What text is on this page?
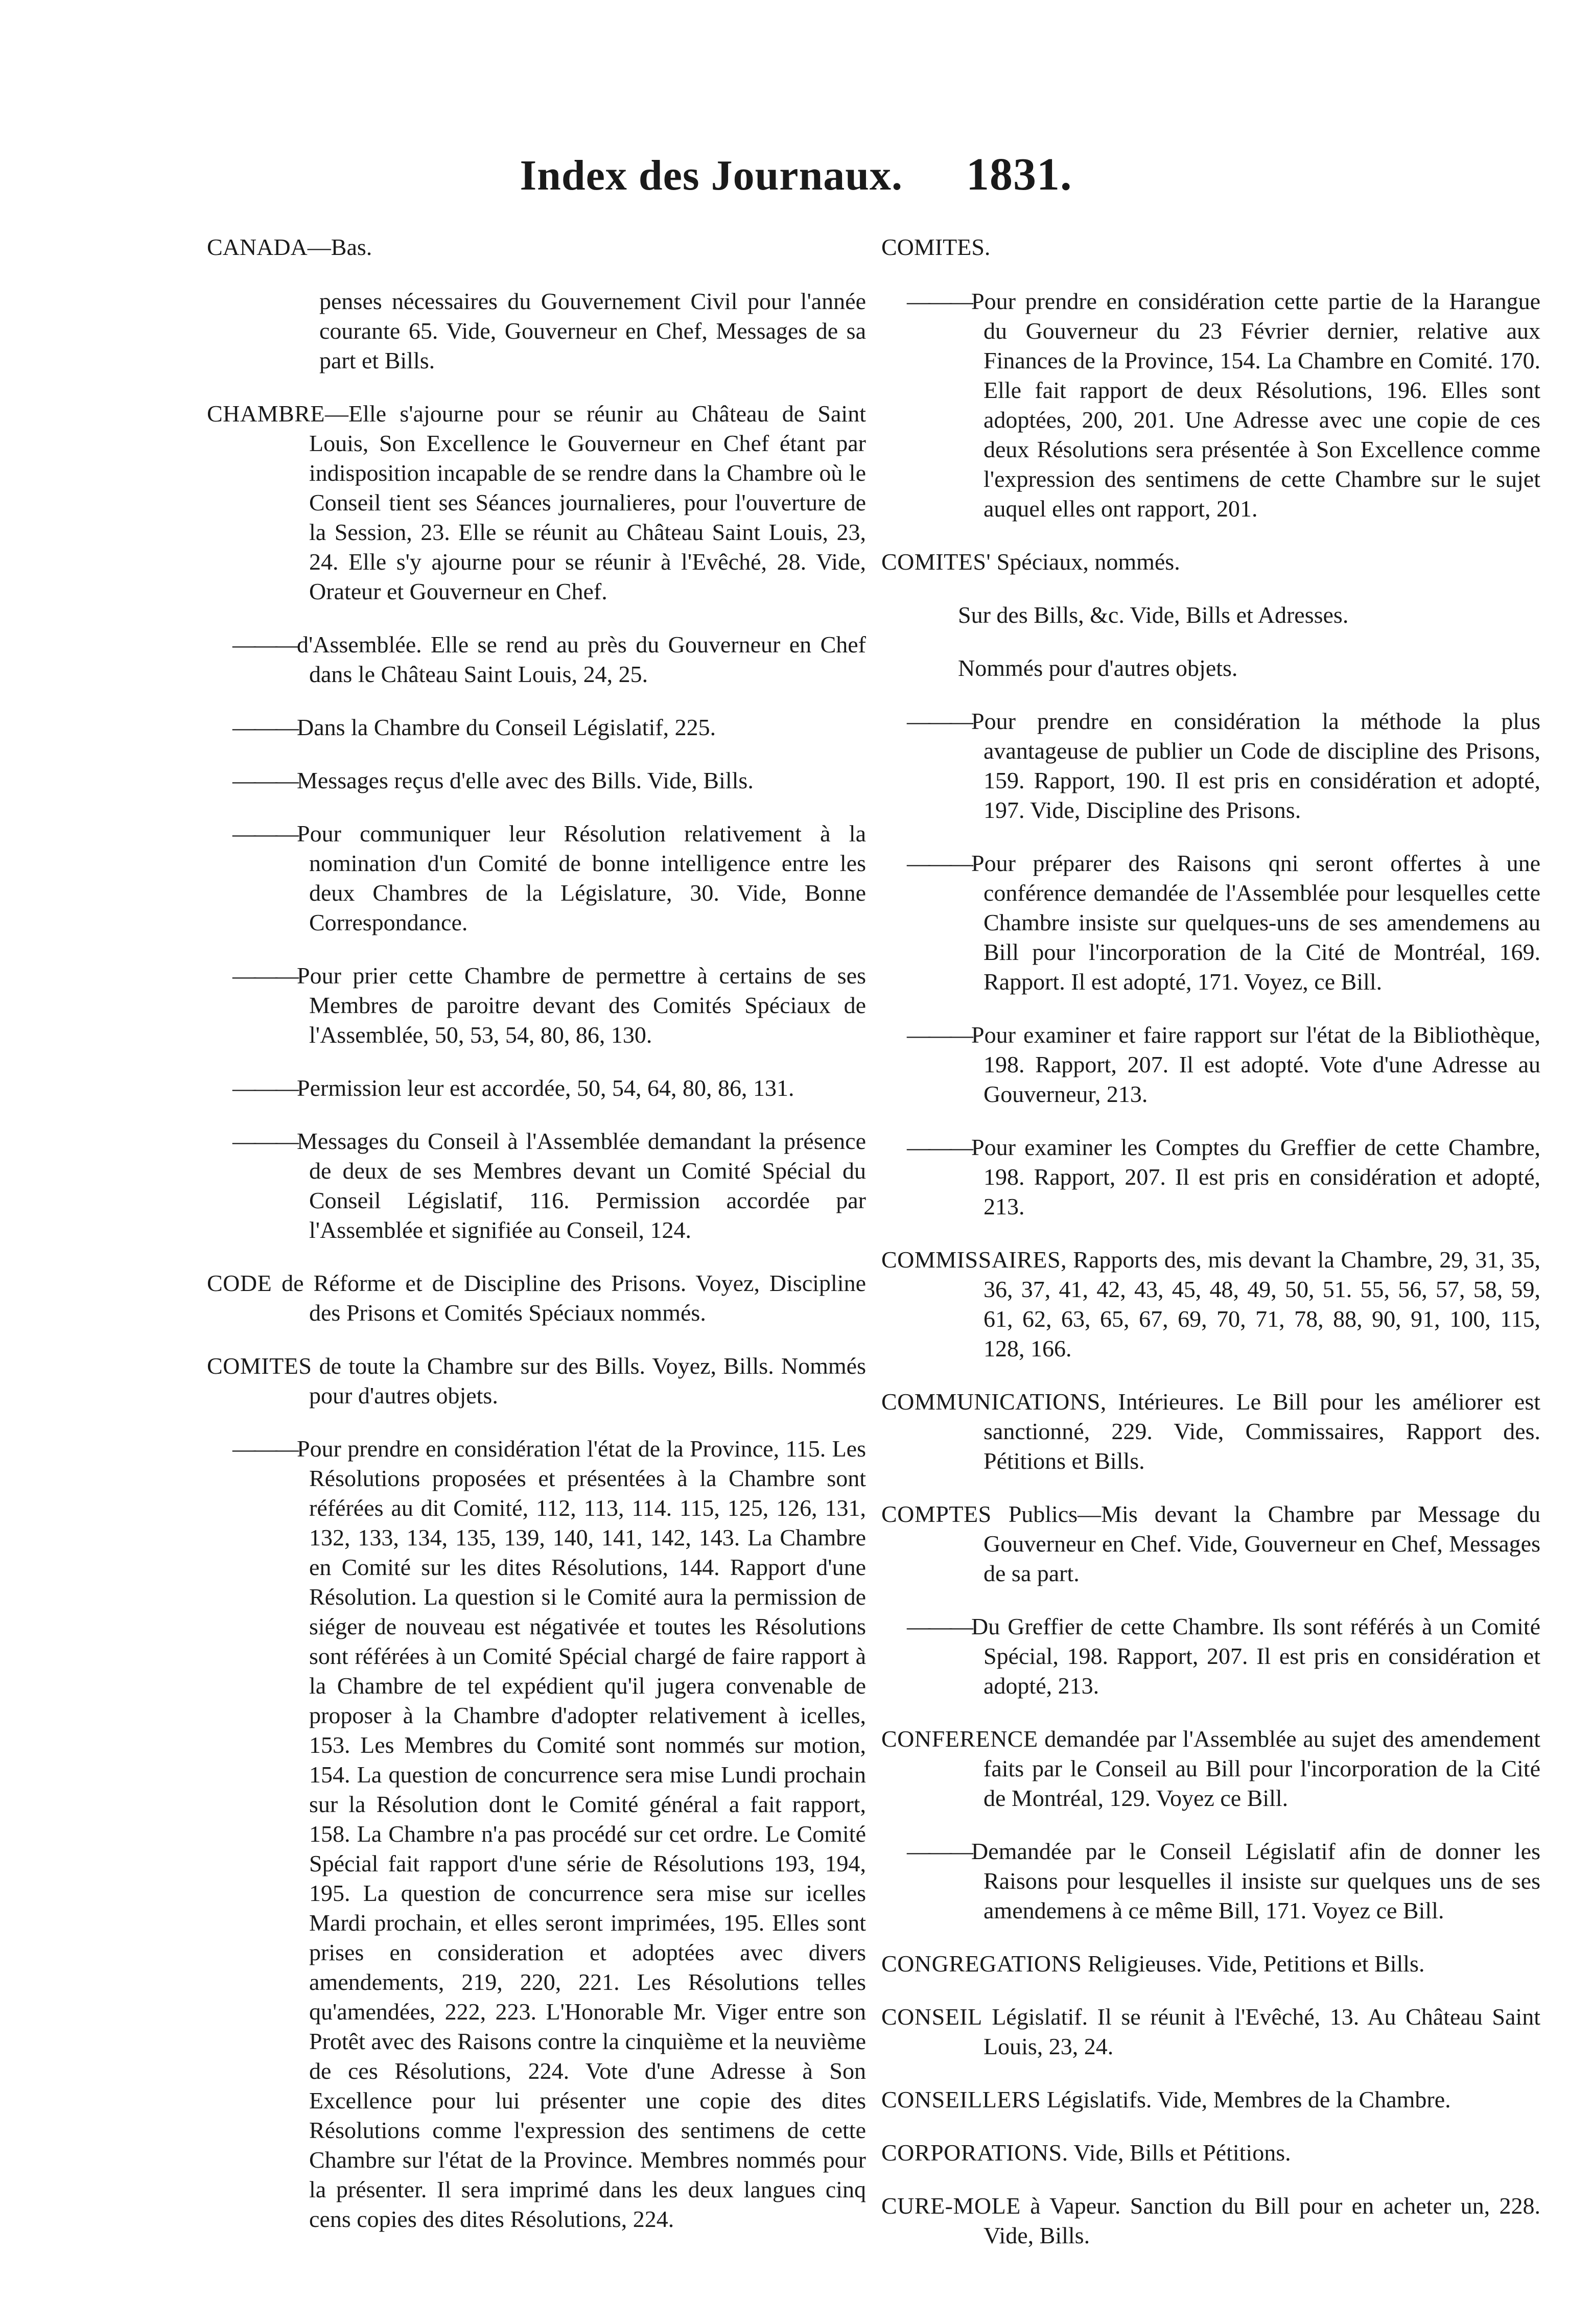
Index des Journaux. 1831.
CANADA—Bas.

penses nécessaires du Gouvernement Civil pour l'année courante 65. Vide, Gouverneur en Chef, Messages de sa part et Bills.

CHAMBRE—Elle s'ajourne pour se réunir au Château de Saint Louis, Son Excellence le Gouverneur en Chef étant par indisposition incapable de se rendre dans la Chambre où le Conseil tient ses Séances journalieres, pour l'ouverture de la Session, 23. Elle se réunit au Château Saint Louis, 23, 24. Elle s'y ajourne pour se réunir à l'Evêché, 28. Vide, Orateur et Gouverneur en Chef.

———d'Assemblée. Elle se rend au près du Gouverneur en Chef dans le Château Saint Louis, 24, 25.

———Dans la Chambre du Conseil Législatif, 225.

———Messages reçus d'elle avec des Bills. Vide, Bills.

———Pour communiquer leur Résolution relativement à la nomination d'un Comité de bonne intelligence entre les deux Chambres de la Législature, 30. Vide, Bonne Correspondance.

———Pour prier cette Chambre de permettre à certains de ses Membres de paroitre devant des Comités Spéciaux de l'Assemblée, 50, 53, 54, 80, 86, 130.

———Permission leur est accordée, 50, 54, 64, 80, 86, 131.

———Messages du Conseil à l'Assemblée demandant la présence de deux de ses Membres devant un Comité Spécial du Conseil Législatif, 116. Permission accordée par l'Assemblée et signifiée au Conseil, 124.

CODE de Réforme et de Discipline des Prisons. Voyez, Discipline des Prisons et Comités Spéciaux nommés.

COMITES de toute la Chambre sur des Bills. Voyez, Bills. Nommés pour d'autres objets.

———Pour prendre en considération l'état de la Province, 115. Les Résolutions proposées et présentées à la Chambre sont référées au dit Comité, 112, 113, 114. 115, 125, 126, 131, 132, 133, 134, 135, 139, 140, 141, 142, 143. La Chambre en Comité sur les dites Résolutions, 144. Rapport d'une Résolution. La question si le Comité aura la permission de siéger de nouveau est négativée et toutes les Résolutions sont référées à un Comité Spécial chargé de faire rapport à la Chambre de tel expédient qu'il jugera convenable de proposer à la Chambre d'adopter relativement à icelles, 153. Les Membres du Comité sont nommés sur motion, 154. La question de concurrence sera mise Lundi prochain sur la Résolution dont le Comité général a fait rapport, 158. La Chambre n'a pas procédé sur cet ordre. Le Comité Spécial fait rapport d'une série de Résolutions 193, 194, 195. La question de concurrence sera mise sur icelles Mardi prochain, et elles seront imprimées, 195. Elles sont prises en consideration et adoptées avec divers amendements, 219, 220, 221. Les Résolutions telles qu'amendées, 222, 223. L'Honorable Mr. Viger entre son Protêt avec des Raisons contre la cinquième et la neuvième de ces Résolutions, 224. Vote d'une Adresse à Son Excellence pour lui présenter une copie des dites Résolutions comme l'expression des sentimens de cette Chambre sur l'état de la Province. Membres nommés pour la présenter. Il sera imprimé dans les deux langues cinq cens copies des dites Résolutions, 224.

COMITES.

———Pour prendre en considération cette partie de la Harangue du Gouverneur du 23 Février dernier, relative aux Finances de la Province, 154. La Chambre en Comité. 170. Elle fait rapport de deux Résolutions, 196. Elles sont adoptées, 200, 201. Une Adresse avec une copie de ces deux Résolutions sera présentée à Son Excellence comme l'expression des sentimens de cette Chambre sur le sujet auquel elles ont rapport, 201.

COMITES' Spéciaux, nommés.

Sur des Bills, &c. Vide, Bills et Adresses.

Nommés pour d'autres objets.

———Pour prendre en considération la méthode la plus avantageuse de publier un Code de discipline des Prisons, 159. Rapport, 190. Il est pris en considération et adopté, 197. Vide, Discipline des Prisons.

———Pour préparer des Raisons qni seront offertes à une conférence demandée de l'Assemblée pour lesquelles cette Chambre insiste sur quelques-uns de ses amendemens au Bill pour l'incorporation de la Cité de Montréal, 169. Rapport. Il est adopté, 171. Voyez, ce Bill.

———Pour examiner et faire rapport sur l'état de la Bibliothèque, 198. Rapport, 207. Il est adopté. Vote d'une Adresse au Gouverneur, 213.

———Pour examiner les Comptes du Greffier de cette Chambre, 198. Rapport, 207. Il est pris en considération et adopté, 213.

COMMISSAIRES, Rapports des, mis devant la Chambre, 29, 31, 35, 36, 37, 41, 42, 43, 45, 48, 49, 50, 51. 55, 56, 57, 58, 59, 61, 62, 63, 65, 67, 69, 70, 71, 78, 88, 90, 91, 100, 115, 128, 166.

COMMUNICATIONS, Intérieures. Le Bill pour les améliorer est sanctionné, 229. Vide, Commissaires, Rapport des. Pétitions et Bills.

COMPTES Publics—Mis devant la Chambre par Message du Gouverneur en Chef. Vide, Gouverneur en Chef, Messages de sa part.

———Du Greffier de cette Chambre. Ils sont référés à un Comité Spécial, 198. Rapport, 207. Il est pris en considération et adopté, 213.

CONFERENCE demandée par l'Assemblée au sujet des amendement faits par le Conseil au Bill pour l'incorporation de la Cité de Montréal, 129. Voyez ce Bill.

———Demandée par le Conseil Législatif afin de donner les Raisons pour lesquelles il insiste sur quelques uns de ses amendemens à ce même Bill, 171. Voyez ce Bill.

CONGREGATIONS Religieuses. Vide, Petitions et Bills.

CONSEIL Législatif. Il se réunit à l'Evêché, 13. Au Château Saint Louis, 23, 24.

CONSEILLERS Législatifs. Vide, Membres de la Chambre.

CORPORATIONS. Vide, Bills et Pétitions.

CURE-MOLE à Vapeur. Sanction du Bill pour en acheter un, 228. Vide, Bills.
